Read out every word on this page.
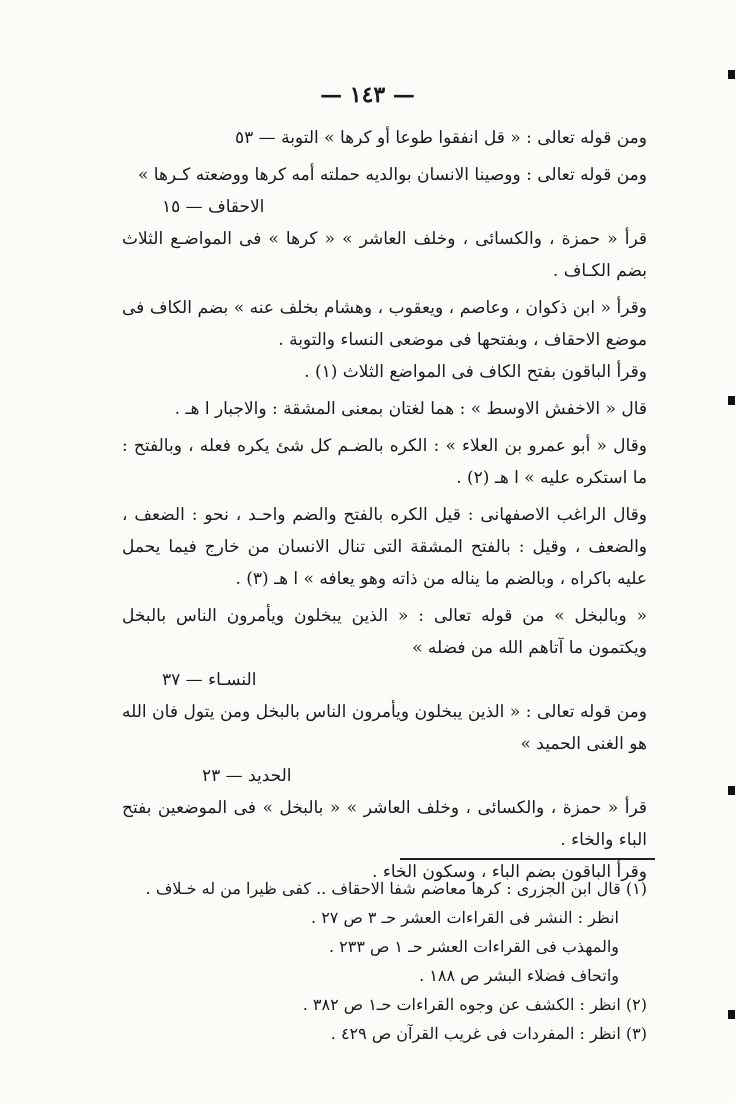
— ١٤٣ —

ومن قوله تعالى : « قل انفقوا طوعا أو كرها » التوبة — ٥٣

ومن قوله تعالى : ووصينا الانسان بوالديه حملته أمه كرها ووضعته كـرها »

الاحقاف — ١٥

قرأ « حمزة ، والكسائى ، وخلف العاشر » « كرها » فى المواضـع الثلاث بضم الكـاف .

وقرأ « ابن ذكوان ، وعاصم ، ويعقوب ، وهشام بخلف عنه » بضم الكاف فى موضع الاحقاف ، وبفتحها فى موضعى النساء والتوبة .

وقرأ الباقون بفتح الكاف فى المواضع الثلاث (١) .

قال « الاخفش الاوسط » : هما لغتان بمعنى المشقة : والاجبار ا هـ .

وقال « أبو عمرو بن العلاء » : الكره بالضـم كل شئ يكره فعله ، وبالفتح : ما استكره عليه » ا هـ (٢) .

وقال الراغب الاصفهانى : قيل الكره بالفتح والضم واحـد ، نحو : الضعف ، والضعف ، وقيل : بالفتح المشقة التى تنال الانسان من خارج فيما يحمل عليه باكراه ، وبالضم ما يناله من ذاته وهو يعافه » ا هـ (٣) .

« وبالبخل » من قوله تعالى : « الذين يبخلون ويأمرون الناس بالبخل ويكتمون ما آتاهم الله من فضله »

النسـاء — ٣٧

ومن قوله تعالى : « الذين يبخلون ويأمرون الناس بالبخل ومن يتول فان الله هو الغنى الحميد »

الحديد — ٢٣

قرأ « حمزة ، والكسائى ، وخلف العاشر » « بالبخل » فى الموضعين بفتح الباء والخاء .

وقرأ الباقون بضم الباء ، وسكون الخاء .

(١) قال ابن الجزرى : كرها معاضم شفا الاحقاف .. كفى ظيرا من له خـلاف .

انظر : النشر فى القراءات العشر حـ ٣ ص ٢٧ .

والمهذب فى القراءات العشر حـ ١ ص ٢٣٣ .

واتحاف فضلاء البشر ص ١٨٨ .

(٢) انظر : الكشف عن وجوه القراءات حـ١ ص ٣٨٢ .

(٣) انظر : المفردات فى غريب القرآن ص ٤٢٩ .
